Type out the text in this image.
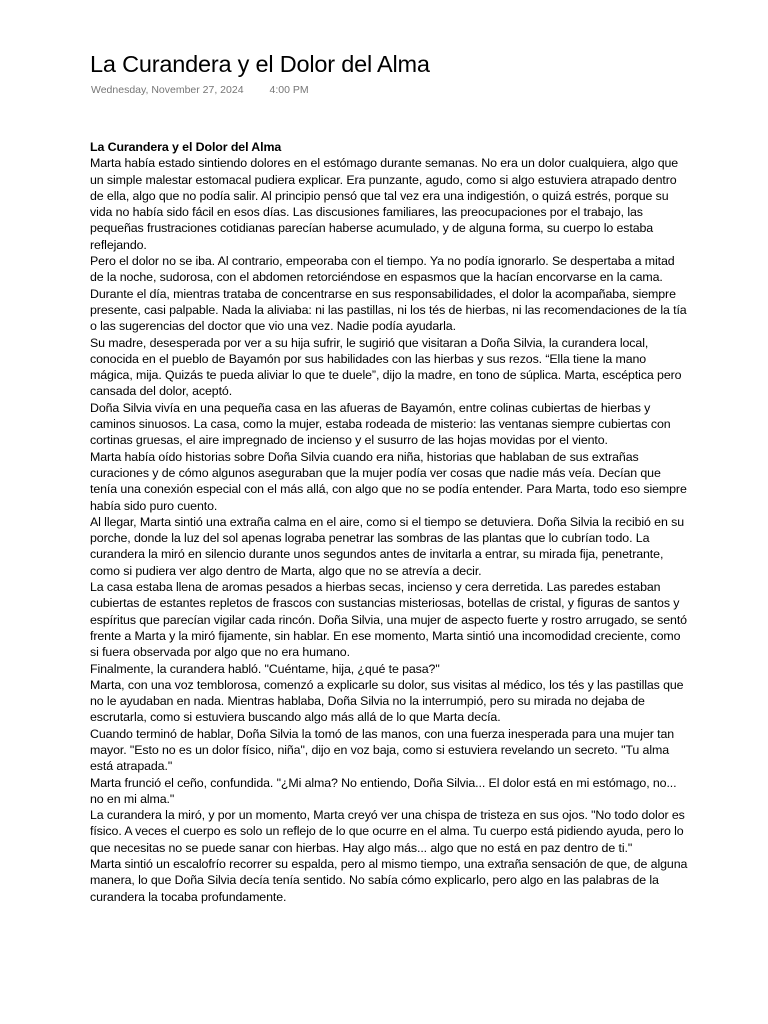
La Curandera y el Dolor del Alma
Wednesday, November 27, 2024 4:00 PM
La Curandera y el Dolor del Alma

Marta había estado sintiendo dolores en el estómago durante semanas. No era un dolor cualquiera, algo que un simple malestar estomacal pudiera explicar. Era punzante, agudo, como si algo estuviera atrapado dentro de ella, algo que no podía salir. Al principio pensó que tal vez era una indigestión, o quizá estrés, porque su vida no había sido fácil en esos días. Las discusiones familiares, las preocupaciones por el trabajo, las pequeñas frustraciones cotidianas parecían haberse acumulado, y de alguna forma, su cuerpo lo estaba reflejando.

Pero el dolor no se iba. Al contrario, empeoraba con el tiempo. Ya no podía ignorarlo. Se despertaba a mitad de la noche, sudorosa, con el abdomen retorciéndose en espasmos que la hacían encorvarse en la cama. Durante el día, mientras trataba de concentrarse en sus responsabilidades, el dolor la acompañaba, siempre presente, casi palpable. Nada la aliviaba: ni las pastillas, ni los tés de hierbas, ni las recomendaciones de la tía o las sugerencias del doctor que vio una vez. Nadie podía ayudarla.

Su madre, desesperada por ver a su hija sufrir, le sugirió que visitaran a Doña Silvia, la curandera local, conocida en el pueblo de Bayamón por sus habilidades con las hierbas y sus rezos. “Ella tiene la mano mágica, mija. Quizás te pueda aliviar lo que te duele”, dijo la madre, en tono de súplica. Marta, escéptica pero cansada del dolor, aceptó.

Doña Silvia vivía en una pequeña casa en las afueras de Bayamón, entre colinas cubiertas de hierbas y caminos sinuosos. La casa, como la mujer, estaba rodeada de misterio: las ventanas siempre cubiertas con cortinas gruesas, el aire impregnado de incienso y el susurro de las hojas movidas por el viento.

Marta había oído historias sobre Doña Silvia cuando era niña, historias que hablaban de sus extrañas curaciones y de cómo algunos aseguraban que la mujer podía ver cosas que nadie más veía. Decían que tenía una conexión especial con el más allá, con algo que no se podía entender. Para Marta, todo eso siempre había sido puro cuento.

Al llegar, Marta sintió una extraña calma en el aire, como si el tiempo se detuviera. Doña Silvia la recibió en su porche, donde la luz del sol apenas lograba penetrar las sombras de las plantas que lo cubrían todo. La curandera la miró en silencio durante unos segundos antes de invitarla a entrar, su mirada fija, penetrante, como si pudiera ver algo dentro de Marta, algo que no se atrevía a decir.

La casa estaba llena de aromas pesados a hierbas secas, incienso y cera derretida. Las paredes estaban cubiertas de estantes repletos de frascos con sustancias misteriosas, botellas de cristal, y figuras de santos y espíritus que parecían vigilar cada rincón. Doña Silvia, una mujer de aspecto fuerte y rostro arrugado, se sentó frente a Marta y la miró fijamente, sin hablar. En ese momento, Marta sintió una incomodidad creciente, como si fuera observada por algo que no era humano.

Finalmente, la curandera habló. "Cuéntame, hija, ¿qué te pasa?"

Marta, con una voz temblorosa, comenzó a explicarle su dolor, sus visitas al médico, los tés y las pastillas que no le ayudaban en nada. Mientras hablaba, Doña Silvia no la interrumpió, pero su mirada no dejaba de escrutarla, como si estuviera buscando algo más allá de lo que Marta decía.

Cuando terminó de hablar, Doña Silvia la tomó de las manos, con una fuerza inesperada para una mujer tan mayor. "Esto no es un dolor físico, niña", dijo en voz baja, como si estuviera revelando un secreto. "Tu alma está atrapada."

Marta frunció el ceño, confundida. "¿Mi alma? No entiendo, Doña Silvia... El dolor está en mi estómago, no... no en mi alma."

La curandera la miró, y por un momento, Marta creyó ver una chispa de tristeza en sus ojos. "No todo dolor es físico. A veces el cuerpo es solo un reflejo de lo que ocurre en el alma. Tu cuerpo está pidiendo ayuda, pero lo que necesitas no se puede sanar con hierbas. Hay algo más... algo que no está en paz dentro de ti."

Marta sintió un escalofrío recorrer su espalda, pero al mismo tiempo, una extraña sensación de que, de alguna manera, lo que Doña Silvia decía tenía sentido. No sabía cómo explicarlo, pero algo en las palabras de la curandera la tocaba profundamente.
